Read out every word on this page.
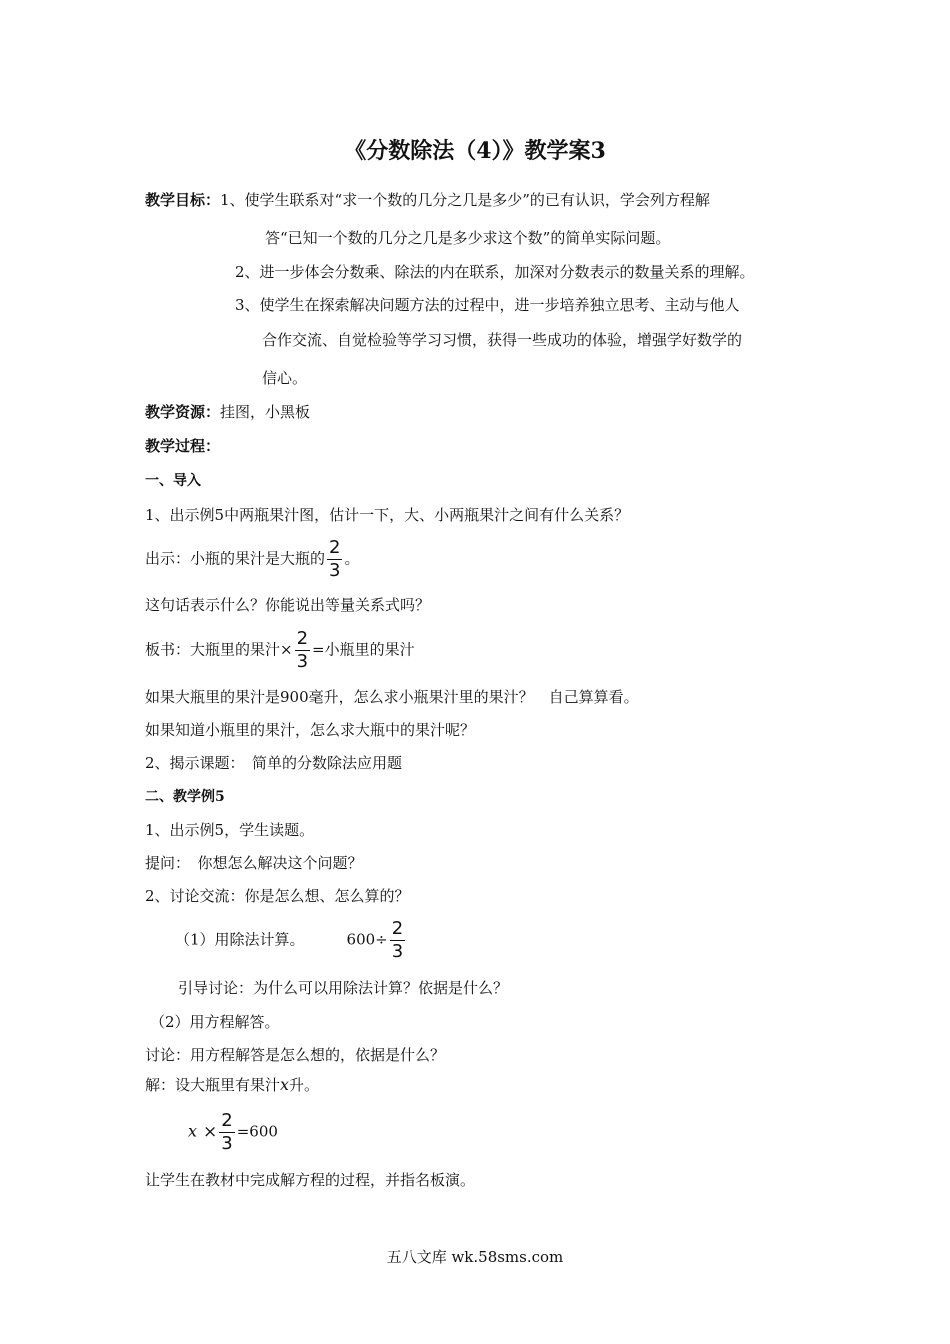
《分数除法（4）》教学案3
教学目标：1、使学生联系对“求一个数的几分之几是多少”的已有认识，学会列方程解
答“已知一个数的几分之几是多少求这个数”的简单实际问题。
2、进一步体会分数乘、除法的内在联系，加深对分数表示的数量关系的理解。
3、使学生在探索解决问题方法的过程中，进一步培养独立思考、主动与他人
合作交流、自觉检验等学习习惯，获得一些成功的体验，增强学好数学的
信心。
教学资源：挂图，小黑板
教学过程：
一、导入
1、出示例5中两瓶果汁图，估计一下，大、小两瓶果汁之间有什么关系？
出示：小瓶的果汁是大瓶的 $\frac{2}{3}$ 。
这句话表示什么？你能说出等量关系式吗？
板书：大瓶里的果汁× $\frac{2}{3}$ =小瓶里的果汁
如果大瓶里的果汁是900毫升，怎么求小瓶果汁里的果汁？　自己算算看。
如果知道小瓶里的果汁，怎么求大瓶中的果汁呢？
2、揭示课题：　简单的分数除法应用题
二、教学例5
1、出示例5，学生读题。
提问：　你想怎么解决这个问题？
2、讨论交流：你是怎么想、怎么算的？
（1）用除法计算。	$600\div \frac{2}{3}$
引导讨论：为什么可以用除法计算？依据是什么？
（2）用方程解答。
讨论：用方程解答是怎么想的，依据是什么？
解：设大瓶里有果汁x升。
$x \times \frac{2}{3} =600$
让学生在教材中完成解方程的过程，并指名板演。
五八文库 wk.58sms.com
